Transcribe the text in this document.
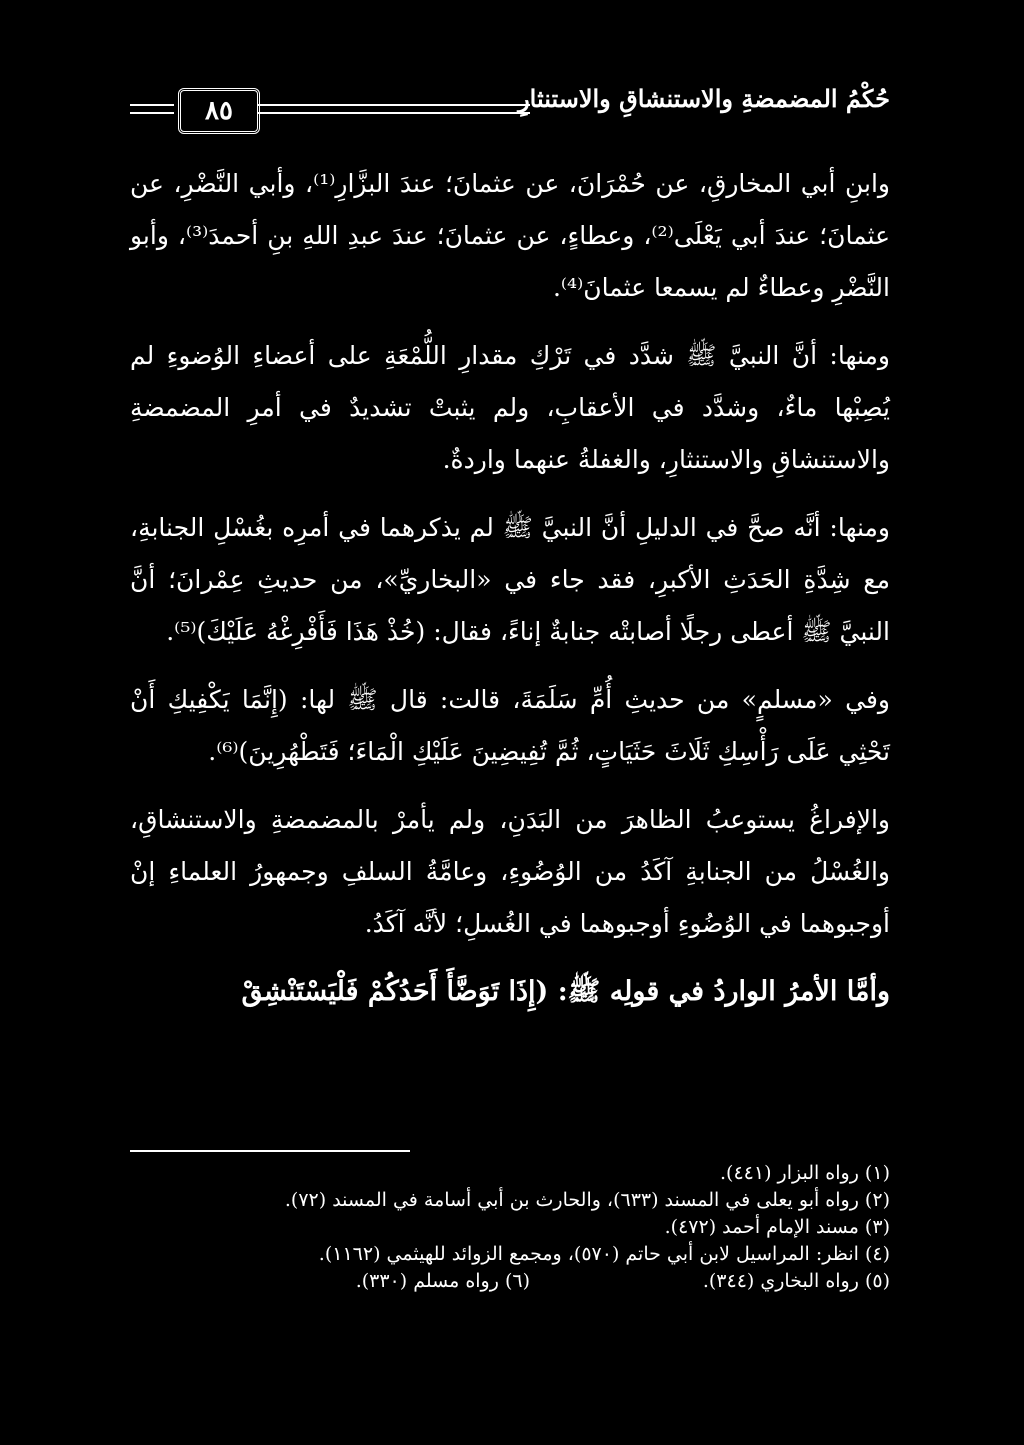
حُكْمُ المضمضةِ والاستنشاقِ والاستنثارِ
٨٥

وابنِ أبي المخارقِ، عن حُمْرَانَ، عن عثمانَ؛ عندَ البزَّارِ⁽¹⁾، وأبي النَّضْرِ، عن عثمانَ؛ عندَ أبي يَعْلَى⁽²⁾، وعطاءٍ، عن عثمانَ؛ عندَ عبدِ اللهِ بنِ أحمدَ⁽³⁾، وأبو النَّضْرِ وعطاءٌ لم يسمعا عثمانَ⁽⁴⁾.

ومنها: أنَّ النبيَّ ﷺ شدَّد في تَرْكِ مقدارِ اللُّمْعَةِ على أعضاءِ الوُضوءِ لم يُصِبْها ماءٌ، وشدَّد في الأعقابِ، ولم يثبتْ تشديدٌ في أمرِ المضمضةِ والاستنشاقِ والاستنثارِ، والغفلةُ عنهما واردةٌ.

ومنها: أنَّه صحَّ في الدليلِ أنَّ النبيَّ ﷺ لم يذكرهما في أمرِه بغُسْلِ الجنابةِ، مع شِدَّةِ الحَدَثِ الأكبرِ، فقد جاء في «البخاريِّ»، من حديثِ عِمْرانَ؛ أنَّ النبيَّ ﷺ أعطى رجلًا أصابتْه جنابةٌ إناءً، فقال: (خُذْ هَذَا فَأَفْرِغْهُ عَلَيْكَ)⁽⁵⁾.

وفي «مسلمٍ» من حديثِ أُمِّ سَلَمَةَ، قالت: قال ﷺ لها: (إِنَّمَا يَكْفِيكِ أَنْ تَحْثِي عَلَى رَأْسِكِ ثَلَاثَ حَثَيَاتٍ، ثُمَّ تُفِيضِينَ عَلَيْكِ الْمَاءَ؛ فَتَطْهُرِينَ)⁽⁶⁾.

والإفراغُ يستوعبُ الظاهرَ من البَدَنِ، ولم يأمرْ بالمضمضةِ والاستنشاقِ، والغُسْلُ من الجنابةِ آكَدُ من الوُضُوءِ، وعامَّةُ السلفِ وجمهورُ العلماءِ إنْ أوجبوهما في الوُضُوءِ أوجبوهما في الغُسلِ؛ لأنَّه آكَدُ.

وأمَّا الأمرُ الواردُ في قولِه ﷺ: (إِذَا تَوَضَّأَ أَحَدُكُمْ فَلْيَسْتَنْشِقْ

(١) رواه البزار (٤٤١).
(٢) رواه أبو يعلى في المسند (٦٣٣)، والحارث بن أبي أسامة في المسند (٧٢).
(٣) مسند الإمام أحمد (٤٧٢).
(٤) انظر: المراسيل لابن أبي حاتم (٥٧٠)، ومجمع الزوائد للهيثمي (١١٦٢).
(٥) رواه البخاري (٣٤٤).(٦) رواه مسلم (٣٣٠).
